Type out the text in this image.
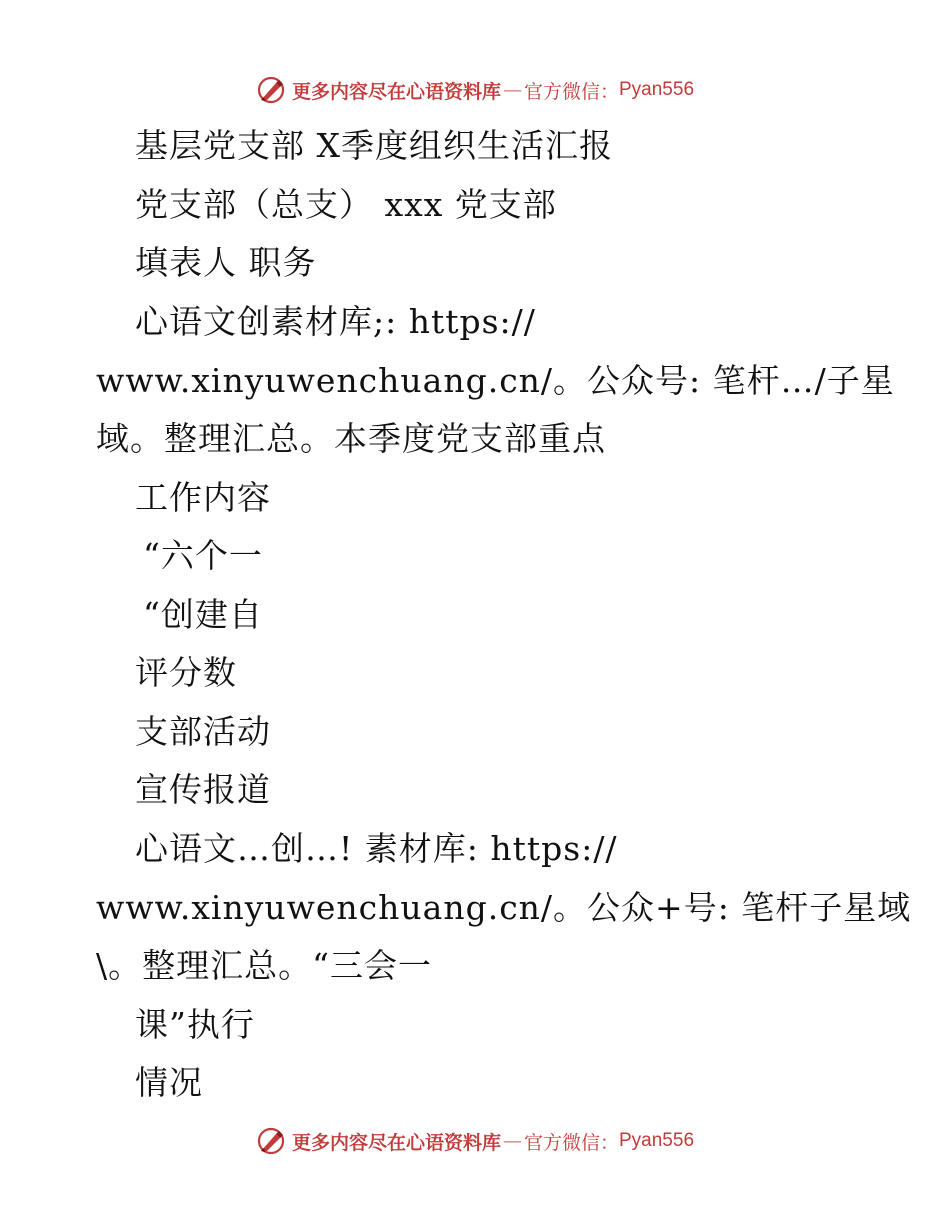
更多内容尽在心语资料库 — 官方微信： Pyan556
基层党支部 X季度组织生活汇报
党支部（总支） xxx 党支部
填表人 职务
心语文创素材库;: https://
www.xinyuwenchuang.cn/。公众号: 笔杆…/子星
域。整理汇总。本季度党支部重点
工作内容
“六个一
“创建自
评分数
支部活动
宣传报道
心语文…创…! 素材库: https://
www.xinyuwenchuang.cn/。公众+号: 笔杆子星域
\。整理汇总。“三会一
课”执行
情况
更多内容尽在心语资料库 — 官方微信： Pyan556
